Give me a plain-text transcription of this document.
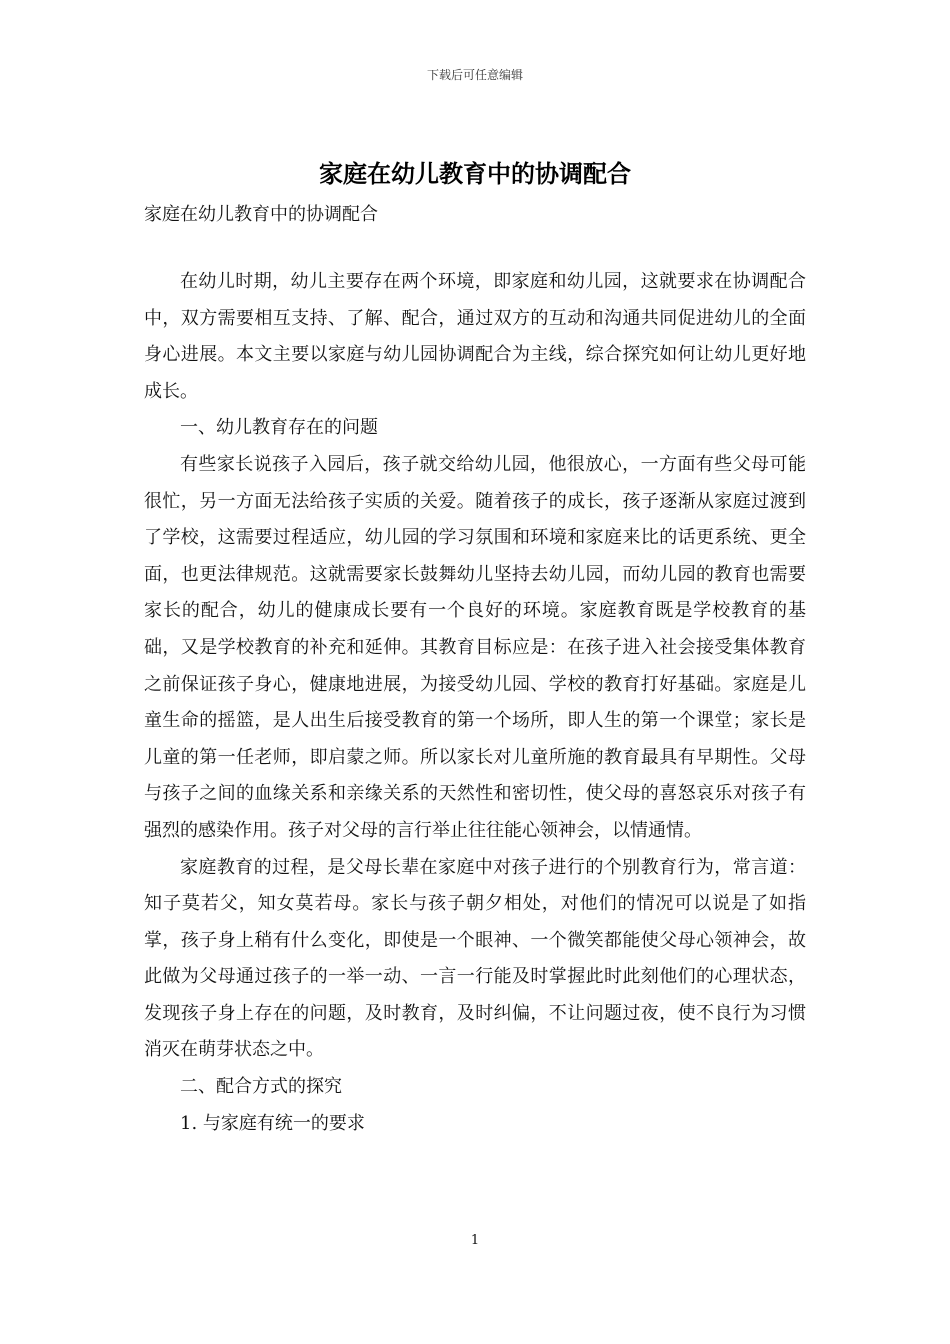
下载后可任意编辑
家庭在幼儿教育中的协调配合
家庭在幼儿教育中的协调配合

在幼儿时期，幼儿主要存在两个环境，即家庭和幼儿园，这就要求在协调配合中，双方需要相互支持、了解、配合，通过双方的互动和沟通共同促进幼儿的全面身心进展。本文主要以家庭与幼儿园协调配合为主线，综合探究如何让幼儿更好地成长。

一、幼儿教育存在的问题

有些家长说孩子入园后，孩子就交给幼儿园，他很放心，一方面有些父母可能很忙，另一方面无法给孩子实质的关爱。随着孩子的成长，孩子逐渐从家庭过渡到了学校，这需要过程适应，幼儿园的学习氛围和环境和家庭来比的话更系统、更全面，也更法律规范。这就需要家长鼓舞幼儿坚持去幼儿园，而幼儿园的教育也需要家长的配合，幼儿的健康成长要有一个良好的环境。家庭教育既是学校教育的基础，又是学校教育的补充和延伸。其教育目标应是：在孩子进入社会接受集体教育之前保证孩子身心，健康地进展，为接受幼儿园、学校的教育打好基础。家庭是儿童生命的摇篮，是人出生后接受教育的第一个场所，即人生的第一个课堂；家长是儿童的第一任老师，即启蒙之师。所以家长对儿童所施的教育最具有早期性。父母与孩子之间的血缘关系和亲缘关系的天然性和密切性，使父母的喜怒哀乐对孩子有强烈的感染作用。孩子对父母的言行举止往往能心领神会，以情通情。

家庭教育的过程，是父母长辈在家庭中对孩子进行的个别教育行为，常言道：知子莫若父，知女莫若母。家长与孩子朝夕相处，对他们的情况可以说是了如指掌，孩子身上稍有什么变化，即使是一个眼神、一个微笑都能使父母心领神会，故此做为父母通过孩子的一举一动、一言一行能及时掌握此时此刻他们的心理状态，发现孩子身上存在的问题，及时教育，及时纠偏，不让问题过夜，使不良行为习惯消灭在萌芽状态之中。

二、配合方式的探究

1. 与家庭有统一的要求

1
